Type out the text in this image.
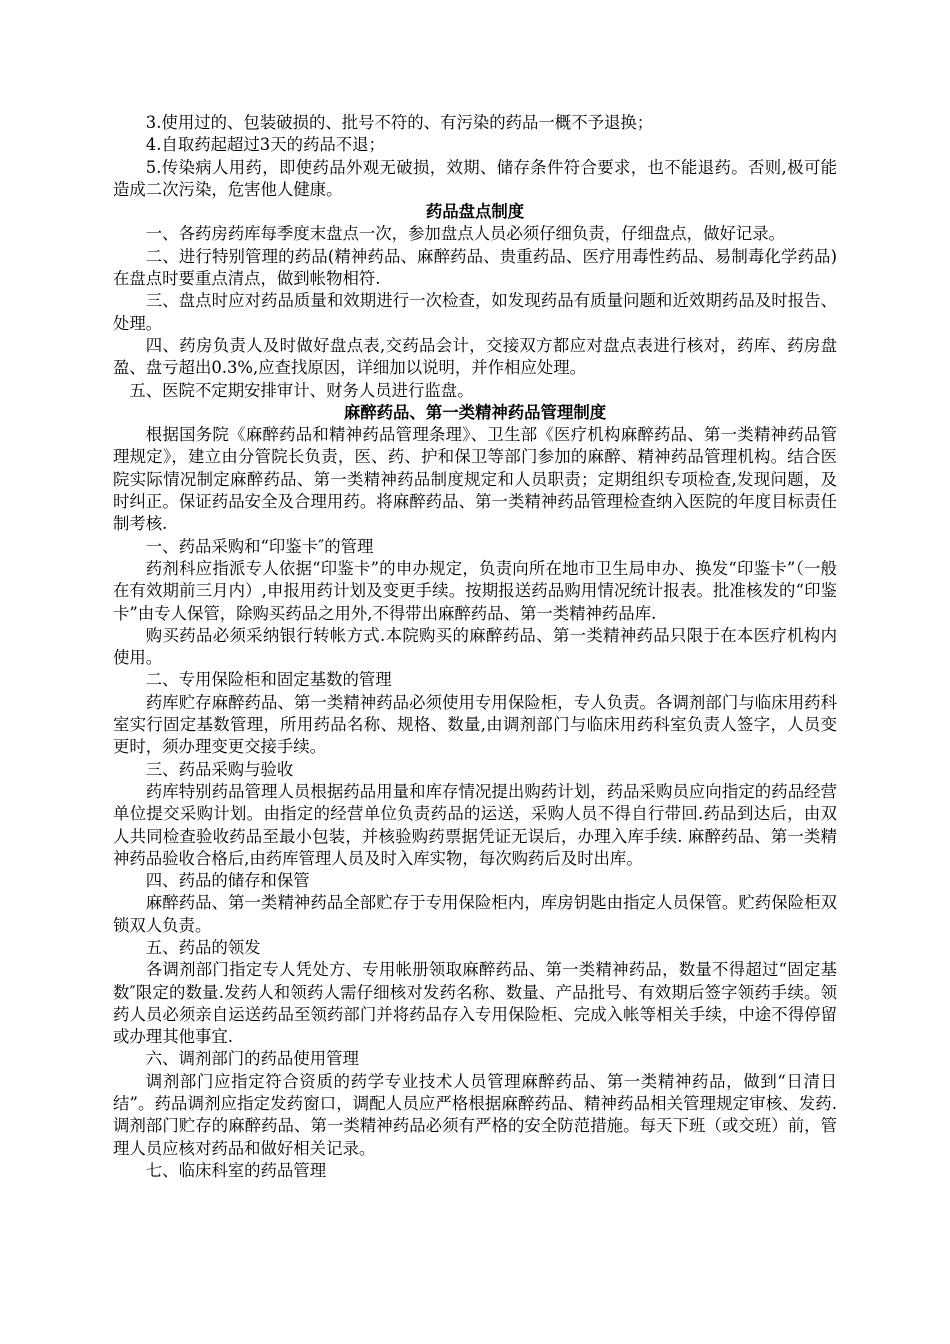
3.使用过的、包装破损的、批号不符的、有污染的药品一概不予退换；

4.自取药起超过3天的药品不退；

5.传染病人用药，即使药品外观无破损，效期、储存条件符合要求，也不能退药。否则,极可能造成二次污染，危害他人健康。

药品盘点制度

一、各药房药库每季度末盘点一次，参加盘点人员必须仔细负责，仔细盘点，做好记录。

二、进行特别管理的药品(精神药品、麻醉药品、贵重药品、医疗用毒性药品、易制毒化学药品)在盘点时要重点清点，做到帐物相符.

三、盘点时应对药品质量和效期进行一次检查，如发现药品有质量问题和近效期药品及时报告、处理。

四、药房负责人及时做好盘点表,交药品会计，交接双方都应对盘点表进行核对，药库、药房盘盈、盘亏超出0.3%,应查找原因，详细加以说明，并作相应处理。

五、医院不定期安排审计、财务人员进行监盘。

麻醉药品、第一类精神药品管理制度

根据国务院《麻醉药品和精神药品管理条理》、卫生部《医疗机构麻醉药品、第一类精神药品管理规定》，建立由分管院长负责，医、药、护和保卫等部门参加的麻醉、精神药品管理机构。结合医院实际情况制定麻醉药品、第一类精神药品制度规定和人员职责；定期组织专项检查,发现问题，及时纠正。保证药品安全及合理用药。将麻醉药品、第一类精神药品管理检查纳入医院的年度目标责任制考核.

一、药品采购和“印鉴卡″的管理

药剂科应指派专人依据“印鉴卡”的申办规定，负责向所在地市卫生局申办、换发“印鉴卡”（一般在有效期前三月内）,申报用药计划及变更手续。按期报送药品购用情况统计报表。批准核发的“印鉴卡”由专人保管，除购买药品之用外,不得带出麻醉药品、第一类精神药品库.

购买药品必须采纳银行转帐方式.本院购买的麻醉药品、第一类精神药品只限于在本医疗机构内使用。

二、专用保险柜和固定基数的管理

药库贮存麻醉药品、第一类精神药品必须使用专用保险柜，专人负责。各调剂部门与临床用药科室实行固定基数管理，所用药品名称、规格、数量,由调剂部门与临床用药科室负责人签字，人员变更时，须办理变更交接手续。

三、药品采购与验收

药库特别药品管理人员根据药品用量和库存情况提出购药计划，药品采购员应向指定的药品经营单位提交采购计划。由指定的经营单位负责药品的运送，采购人员不得自行带回.药品到达后，由双人共同检查验收药品至最小包装，并核验购药票据凭证无误后，办理入库手续. 麻醉药品、第一类精神药品验收合格后,由药库管理人员及时入库实物，每次购药后及时出库。

四、药品的储存和保管

麻醉药品、第一类精神药品全部贮存于专用保险柜内，库房钥匙由指定人员保管。贮药保险柜双锁双人负责。

五、药品的领发

各调剂部门指定专人凭处方、专用帐册领取麻醉药品、第一类精神药品，数量不得超过“固定基数″限定的数量.发药人和领药人需仔细核对发药名称、数量、产品批号、有效期后签字领药手续。领药人员必须亲自运送药品至领药部门并将药品存入专用保险柜、完成入帐等相关手续，中途不得停留或办理其他事宜.

六、调剂部门的药品使用管理

调剂部门应指定符合资质的药学专业技术人员管理麻醉药品、第一类精神药品，做到“日清日结”。药品调剂应指定发药窗口，调配人员应严格根据麻醉药品、精神药品相关管理规定审核、发药.调剂部门贮存的麻醉药品、第一类精神药品必须有严格的安全防范措施。每天下班（或交班）前，管理人员应核对药品和做好相关记录。

七、临床科室的药品管理
